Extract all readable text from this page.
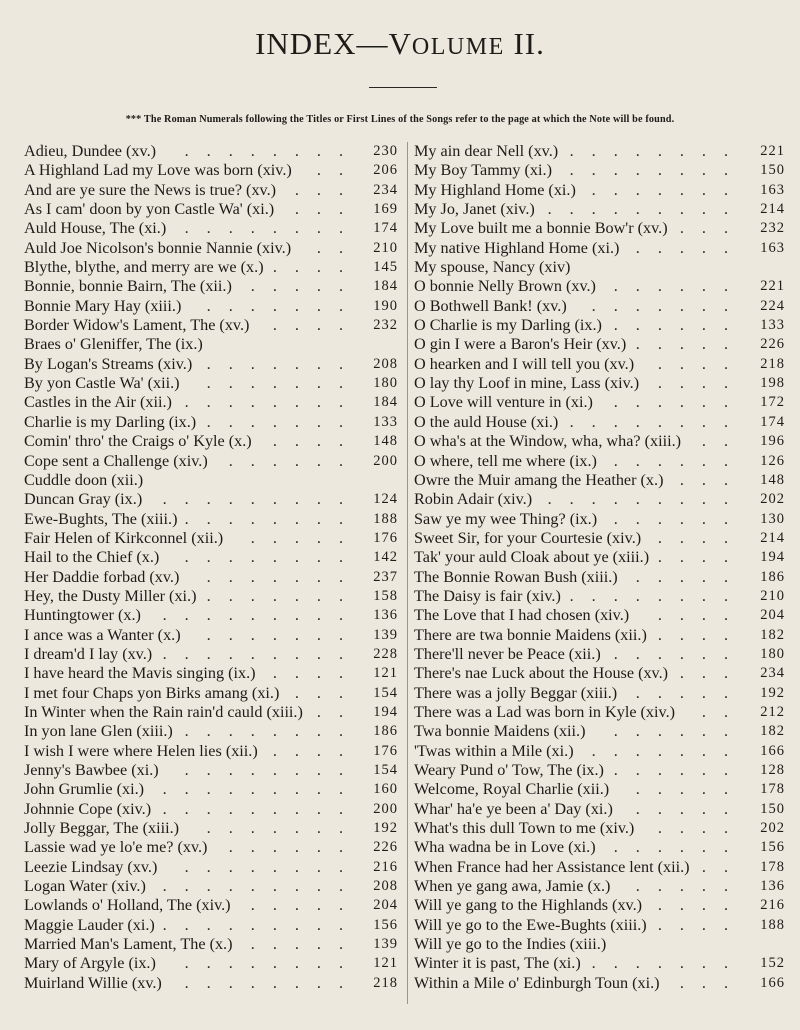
INDEX—VOLUME II.
*** The Roman Numerals following the Titles or First Lines of the Songs refer to the page at which the Note will be found.
Adieu, Dundee (xv.) ........ 230
A Highland Lad my Love was born (xiv.) .. 206
And are ye sure the News is true? (xv.) ... 234
As I cam' doon by yon Castle Wa' (xi.) ... 169
Auld House, The (xi.) ........ 174
Auld Joe Nicolson's bonnie Nannie (xiv.) .. 210
Blythe, blythe, and merry are we (x.) .... 145
Bonnie, bonnie Bairn, The (xii.) ..... 184
Bonnie Mary Hay (xiii.) ....... 190
Border Widow's Lament, The (xv.) .... 232
Braes o' Gleniffer, The (ix.)
By Logan's Streams (xiv.) ....... 208
By yon Castle Wa' (xii.) ....... 180
Castles in the Air (xii.) ........ 184
Charlie is my Darling (ix.) ....... 133
Comin' thro' the Craigs o' Kyle (x.) .... 148
Cope sent a Challenge (xiv.) ...... 200
Cuddle doon (xii.)
Duncan Gray (ix.) ......... 124
Ewe-Bughts, The (xiii.) ........ 188
Fair Helen of Kirkconnel (xii.) ..... 176
Hail to the Chief (x.) ........ 142
Her Daddie forbad (xv.) ....... 237
Hey, the Dusty Miller (xi.) ....... 158
Huntingtower (x.) ......... 136
I ance was a Wanter (x.) ....... 139
I dream'd I lay (xv.) ......... 228
I have heard the Mavis singing (ix.) .... 121
I met four Chaps yon Birks amang (xi.) ... 154
In Winter when the Rain rain'd cauld (xiii.) .. 194
In yon lane Glen (xiii.) ........ 186
I wish I were where Helen lies (xii.) .... 176
Jenny's Bawbee (xi.) ........ 154
John Grumlie (xi.) ......... 160
Johnnie Cope (xiv.) ......... 200
Jolly Beggar, The (xiii.) ....... 192
Lassie wad ye lo'e me? (xv.) ...... 226
Leezie Lindsay (xv.) ........ 216
Logan Water (xiv.) ......... 208
Lowlands o' Holland, The (xiv.) ..... 204
Maggie Lauder (xi.) ......... 156
Married Man's Lament, The (x.) ..... 139
Mary of Argyle (ix.) ........ 121
Muirland Willie (xv.) ........ 218
My ain dear Nell (xv.) ........ 221
My Boy Tammy (xi.) ........ 150
My Highland Home (xi.) ....... 163
My Jo, Janet (xiv.) ......... 214
My Love built me a bonnie Bow'r (xv.) ... 232
My native Highland Home (xi.) ..... 163
My spouse, Nancy (xiv)
O bonnie Nelly Brown (xv.) ...... 221
O Bothwell Bank! (xv.) ....... 224
O Charlie is my Darling (ix.) ...... 133
O gin I were a Baron's Heir (xv.) ..... 226
O hearken and I will tell you (xv.) .... 218
O lay thy Loof in mine, Lass (xiv.) .... 198
O Love will venture in (xi.) ...... 172
O the auld House (xi.) ........ 174
O wha's at the Window, wha, wha? (xiii.) .. 196
O where, tell me where (ix.) ...... 126
Owre the Muir amang the Heather (x.) ... 148
Robin Adair (xiv.) ......... 202
Saw ye my wee Thing? (ix.) ...... 130
Sweet Sir, for your Courtesie (xiv.) .... 214
Tak' your auld Cloak about ye (xiii.) .... 194
The Bonnie Rowan Bush (xiii.) ..... 186
The Daisy is fair (xiv.) ........ 210
The Love that I had chosen (xiv.) .... 204
There are twa bonnie Maidens (xii.) .... 182
There'll never be Peace (xii.) ...... 180
There's nae Luck about the House (xv.) ... 234
There was a jolly Beggar (xiii.) ..... 192
There was a Lad was born in Kyle (xiv.) .. 212
Twa bonnie Maidens (xii.) ...... 182
'Twas within a Mile (xi.) ....... 166
Weary Pund o' Tow, The (ix.) ...... 128
Welcome, Royal Charlie (xii.) ..... 178
Whar' ha'e ye been a' Day (xi.) ..... 150
What's this dull Town to me (xiv.) .... 202
Wha wadna be in Love (xi.) ...... 156
When France had her Assistance lent (xii.) .. 178
When ye gang awa, Jamie (x.) ..... 136
Will ye gang to the Highlands (xv.) .... 216
Will ye go to the Ewe-Bughts (xiii.) .... 188
Will ye go to the Indies (xiii.)
Winter it is past, The (xi.) ....... 152
Within a Mile o' Edinburgh Toun (xi.) ... 166
